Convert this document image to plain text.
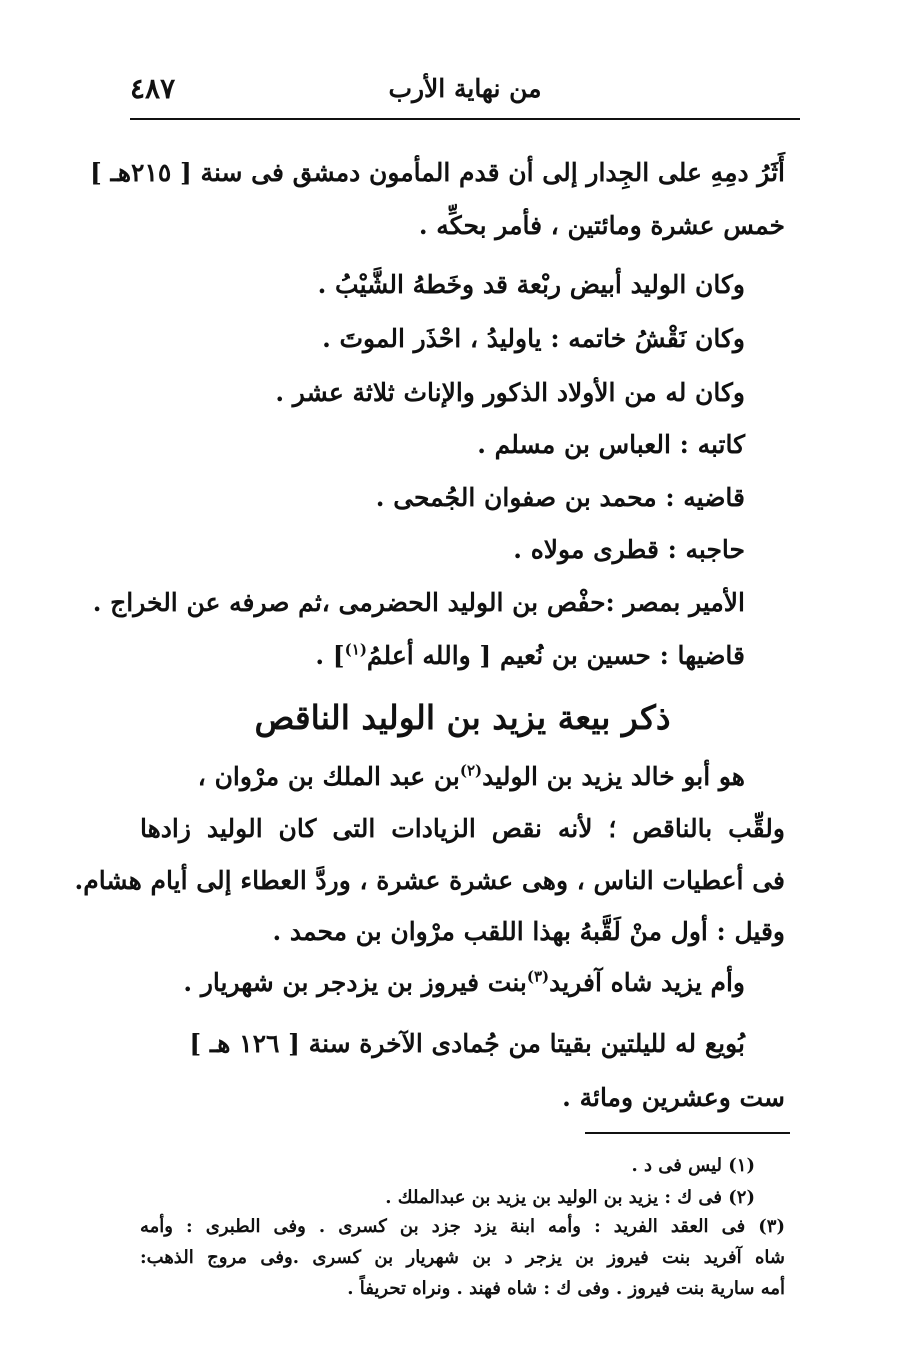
من نهاية الأرب
٤٨٧
أَثَرُ دمِهِ على الجِدار إلى أن قدم المأمون دمشق فى سنة [ ٢١٥هـ ]
خمس عشرة ومائتين ، فأمر بحكِّه .
وكان الوليد أبيض ربْعة قد وخَطهُ الشَّيْبُ .
وكان نَقْشُ خاتمه : ياوليدُ ، احْذَر الموتَ .
وكان له من الأولاد الذكور والإناث ثلاثة عشر .
كاتبه : العباس بن مسلم .
قاضيه : محمد بن صفوان الجُمحى .
حاجبه : قطرى مولاه .
الأمير بمصر :حفْص بن الوليد الحضرمى ،ثم صرفه عن الخراج .
قاضيها : حسين بن نُعيم [ والله أعلمُ$^{(١)}$] .
ذكر بيعة يزيد بن الوليد الناقص
هو أبو خالد يزيد بن الوليد$^{(٢)}$بن عبد الملك بن مرْوان ،
ولقِّب بالناقص ؛ لأنه نقص الزيادات التى كان الوليد زادها
فى أعطيات الناس ، وهى عشرة عشرة ، وردَّ العطاء إلى أيام هشام.
وقيل : أول منْ لَقَّبهُ بهذا اللقب مرْوان بن محمد .
وأم يزيد شاه آفريد$^{(٣)}$بنت فيروز بن يزدجر بن شهريار .
بُويع له لليلتين بقيتا من جُمادى الآخرة سنة [ ١٢٦ هـ ]
ست وعشرين ومائة .
(١) ليس فى د .
(٢) فى ك : يزيد بن الوليد بن يزيد بن عبدالملك .
(٣) فى العقد الفريد : وأمه ابنة يزد جزد بن كسرى . وفى الطبرى : وأمه
شاه آفريد بنت فيروز بن يزجر د بن شهريار بن كسرى .وفى مروج الذهب:
أمه سارية بنت فيروز . وفى ك : شاه فهند . ونراه تحريفاً .
